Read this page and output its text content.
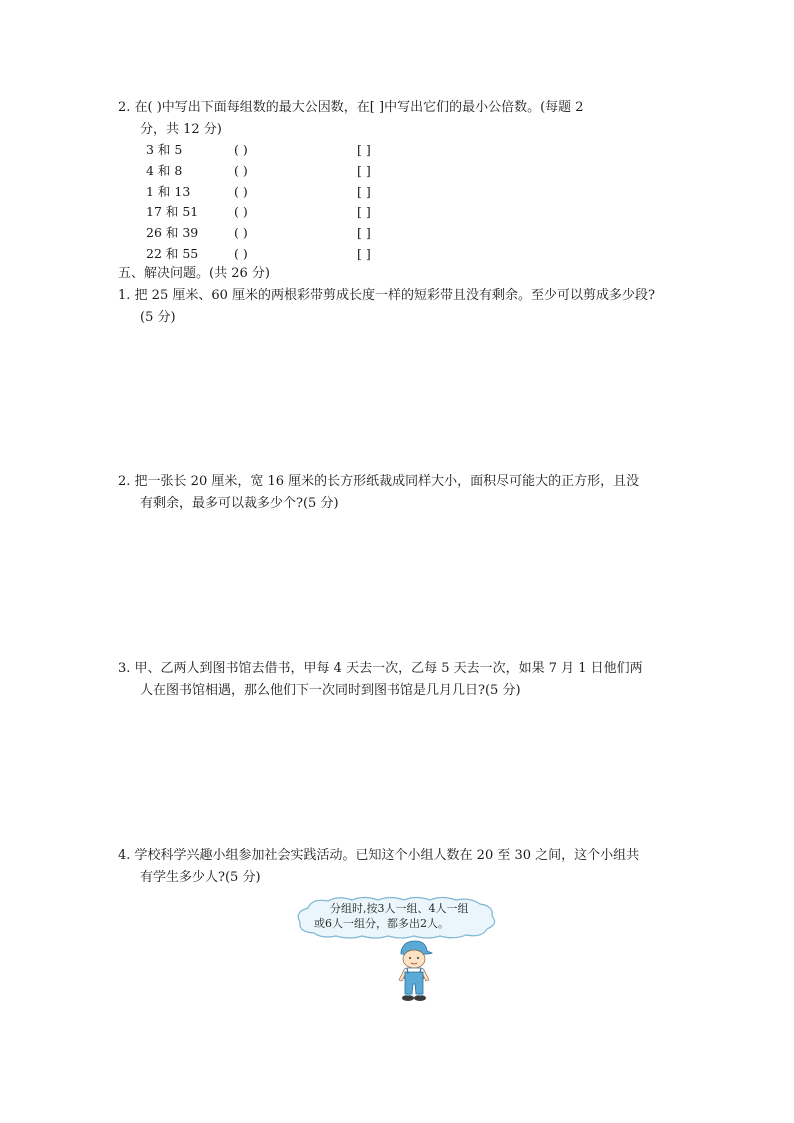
2. 在( )中写出下面每组数的最大公因数，在[ ]中写出它们的最小公倍数。(每题 2
分，共 12 分)
3 和 5	( )	[ ]
4 和 8	( )	[ ]
1 和 13	( )	[ ]
17 和 51	( )	[ ]
26 和 39	( )	[ ]
22 和 55	( )	[ ]
五、解决问题。(共 26 分)
1. 把 25 厘米、60 厘米的两根彩带剪成长度一样的短彩带且没有剩余。至少可以剪成多少段?
(5 分)
2. 把一张长 20 厘米，宽 16 厘米的长方形纸裁成同样大小，面积尽可能大的正方形，且没
有剩余，最多可以裁多少个?(5 分)
3. 甲、乙两人到图书馆去借书，甲每 4 天去一次，乙每 5 天去一次，如果 7 月 1 日他们两
人在图书馆相遇，那么他们下一次同时到图书馆是几月几日?(5 分)
4. 学校科学兴趣小组参加社会实践活动。已知这个小组人数在 20 至 30 之间，这个小组共
有学生多少人?(5 分)
分组时,按3人一组、4人一组
或6人一组分，都多出2人。
